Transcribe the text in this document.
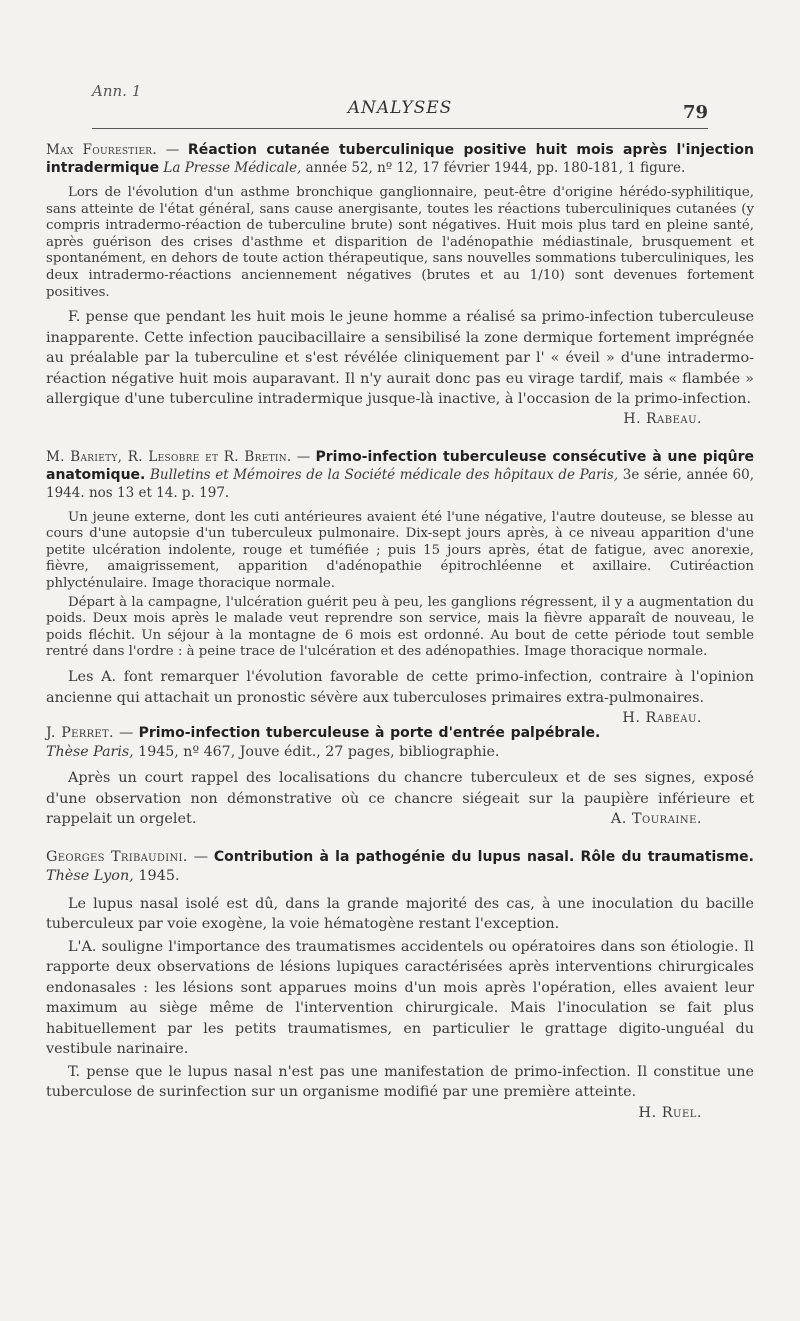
Ann. 1
ANALYSES	79

Max Fourestier. — Réaction cutanée tuberculinique positive huit mois après l'injection intradermique La Presse Médicale, année 52, nº 12, 17 février 1944, pp. 180-181, 1 figure.

Lors de l'évolution d'un asthme bronchique ganglionnaire, peut-être d'origine hérédo-syphilitique, sans atteinte de l'état général, sans cause anergisante, toutes les réactions tuberculiniques cutanées (y compris intradermo-réaction de tuberculine brute) sont négatives. Huit mois plus tard en pleine santé, après guérison des crises d'asthme et disparition de l'adénopathie médiastinale, brusquement et spontanément, en dehors de toute action thérapeutique, sans nouvelles sommations tuberculiniques, les deux intradermo-réactions anciennement négatives (brutes et au 1/10) sont devenues fortement positives.

F. pense que pendant les huit mois le jeune homme a réalisé sa primo-infection tuberculeuse inapparente. Cette infection paucibacillaire a sensibilisé la zone dermique fortement imprégnée au préalable par la tuberculine et s'est révélée cliniquement par l' « éveil » d'une intradermo-réaction négative huit mois auparavant. Il n'y aurait donc pas eu virage tardif, mais « flambée » allergique d'une tuberculine intradermique jusque-là inactive, à l'occasion de la primo-infection.

H. Rabeau.

M. Bariety, R. Lesobre et R. Bretin. — Primo-infection tuberculeuse consécutive à une piqûre anatomique. Bulletins et Mémoires de la Société médicale des hôpitaux de Paris, 3e série, année 60, 1944. nos 13 et 14. p. 197.

Un jeune externe, dont les cuti antérieures avaient été l'une négative, l'autre douteuse, se blesse au cours d'une autopsie d'un tuberculeux pulmonaire. Dix-sept jours après, à ce niveau apparition d'une petite ulcération indolente, rouge et tuméfiée ; puis 15 jours après, état de fatigue, avec anorexie, fièvre, amaigrissement, apparition d'adénopathie épitrochléenne et axillaire. Cutiréaction phlycténulaire. Image thoracique normale.

Départ à la campagne, l'ulcération guérit peu à peu, les ganglions régressent, il y a augmentation du poids. Deux mois après le malade veut reprendre son service, mais la fièvre apparaît de nouveau, le poids fléchit. Un séjour à la montagne de 6 mois est ordonné. Au bout de cette période tout semble rentré dans l'ordre : à peine trace de l'ulcération et des adénopathies. Image thoracique normale.

Les A. font remarquer l'évolution favorable de cette primo-infection, contraire à l'opinion ancienne qui attachait un pronostic sévère aux tuberculoses primaires extra-pulmonaires.
H. Rabeau.

J. Perret. — Primo-infection tuberculeuse à porte d'entrée palpébrale. Thèse Paris, 1945, nº 467, Jouve édit., 27 pages, bibliographie.

Après un court rappel des localisations du chancre tuberculeux et de ses signes, exposé d'une observation non démonstrative où ce chancre siégeait sur la paupière inférieure et rappelait un orgelet.	A. Touraine.

Georges Tribaudini. — Contribution à la pathogénie du lupus nasal. Rôle du traumatisme. Thèse Lyon, 1945.

Le lupus nasal isolé est dû, dans la grande majorité des cas, à une inoculation du bacille tuberculeux par voie exogène, la voie hématogène restant l'exception.

L'A. souligne l'importance des traumatismes accidentels ou opératoires dans son étiologie. Il rapporte deux observations de lésions lupiques caractérisées après interventions chirurgicales endonasales : les lésions sont apparues moins d'un mois après l'opération, elles avaient leur maximum au siège même de l'intervention chirurgicale. Mais l'inoculation se fait plus habituellement par les petits traumatismes, en particulier le grattage digito-unguéal du vestibule narinaire.

T. pense que le lupus nasal n'est pas une manifestation de primo-infection. Il constitue une tuberculose de surinfection sur un organisme modifié par une première atteinte.
H. Ruel.
